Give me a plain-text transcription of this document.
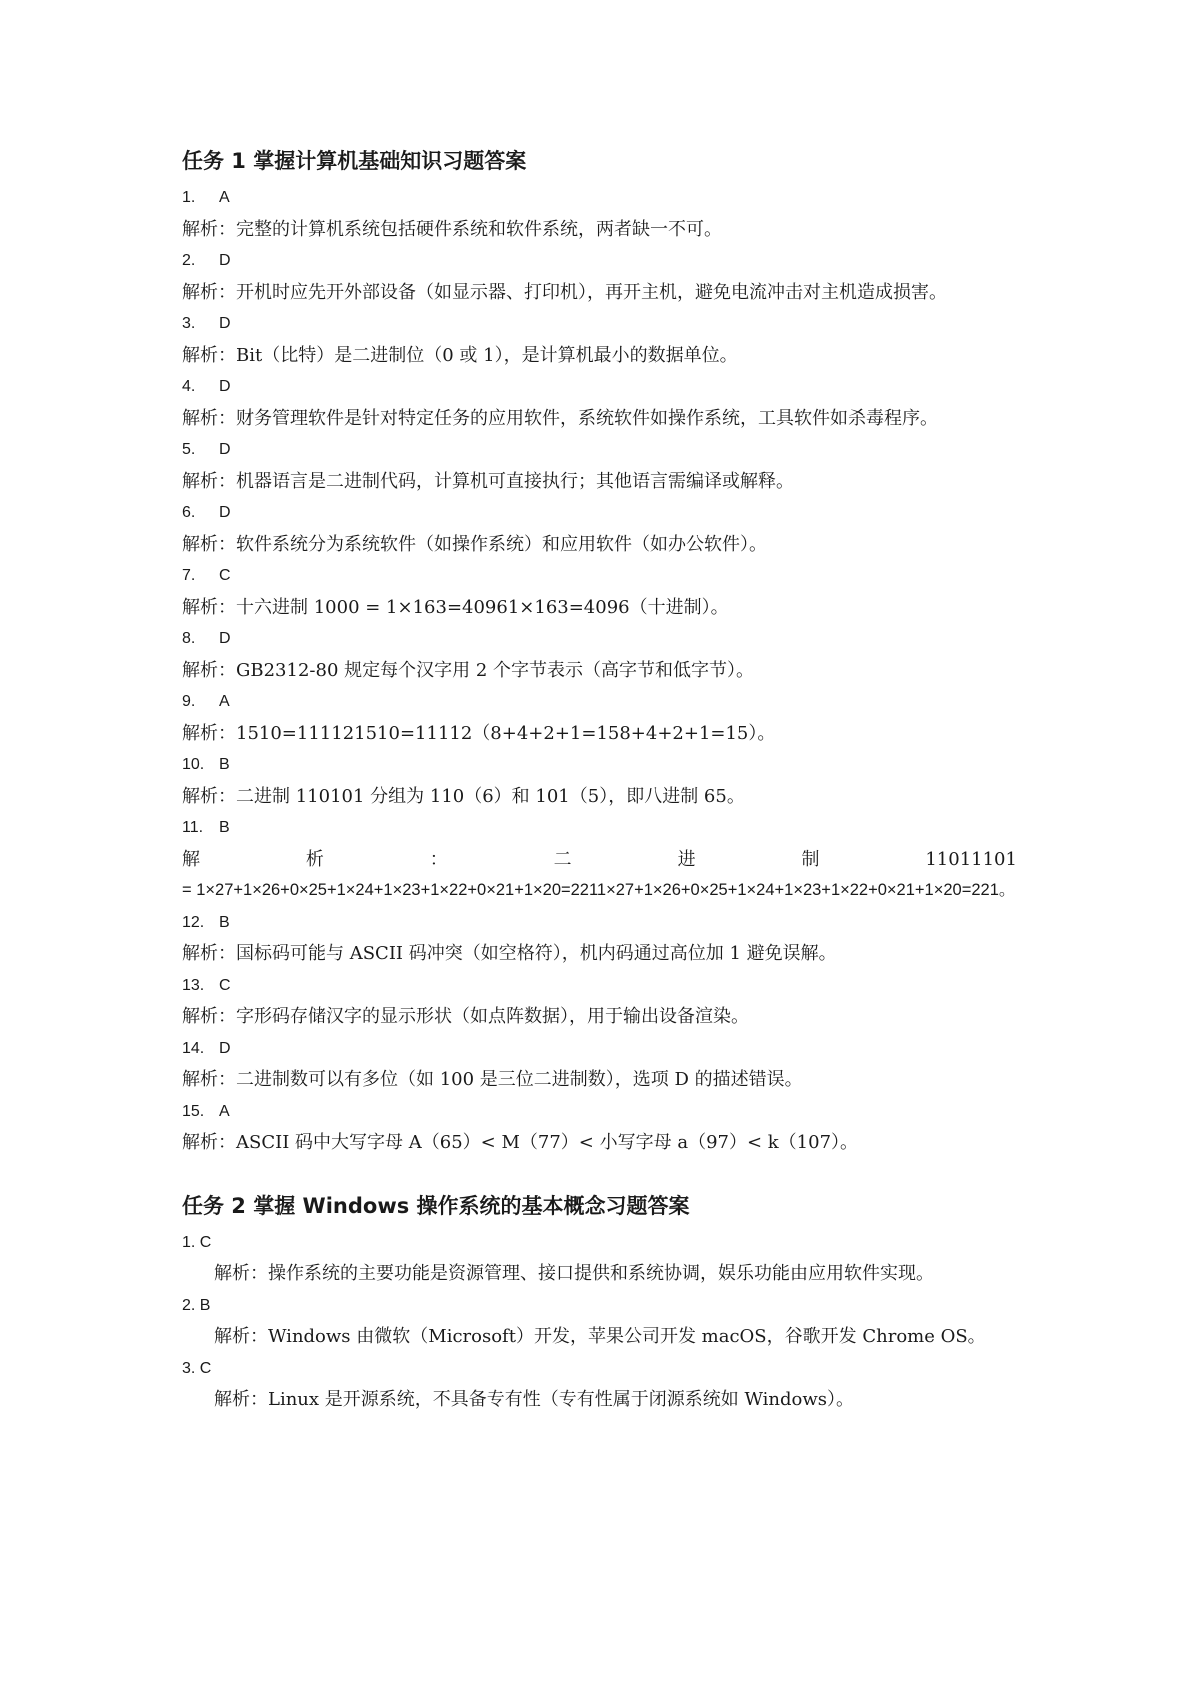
任务 1 掌握计算机基础知识习题答案
1. A
解析：完整的计算机系统包括硬件系统和软件系统，两者缺一不可。
2. D
解析：开机时应先开外部设备（如显示器、打印机），再开主机，避免电流冲击对主机造成损害。
3. D
解析：Bit（比特）是二进制位（0 或 1），是计算机最小的数据单位。
4. D
解析：财务管理软件是针对特定任务的应用软件，系统软件如操作系统，工具软件如杀毒程序。
5. D
解析：机器语言是二进制代码，计算机可直接执行；其他语言需编译或解释。
6. D
解析：软件系统分为系统软件（如操作系统）和应用软件（如办公软件）。
7. C
解析：十六进制 1000 = 1×163=40961×163=4096（十进制）。
8. D
解析：GB2312-80 规定每个汉字用 2 个字节表示（高字节和低字节）。
9. A
解析：1510=111121510=11112（8+4+2+1=158+4+2+1=15）。
10. B
解析：二进制 110101 分组为 110（6）和 101（5），即八进制 65。
11. B
解	析	：	二	进	制	11011101
= 1×27+1×26+0×25+1×24+1×23+1×22+0×21+1×20=2211×27+1×26+0×25+1×24+1×23+1×22+0×21+1×20=221。
12. B
解析：国标码可能与 ASCII 码冲突（如空格符），机内码通过高位加 1 避免误解。
13. C
解析：字形码存储汉字的显示形状（如点阵数据），用于输出设备渲染。
14. D
解析：二进制数可以有多位（如 100 是三位二进制数），选项 D 的描述错误。
15. A
解析：ASCII 码中大写字母 A（65）< M（77）< 小写字母 a（97）< k（107）。
任务 2 掌握 Windows 操作系统的基本概念习题答案
1. C
解析：操作系统的主要功能是资源管理、接口提供和系统协调，娱乐功能由应用软件实现。
2. B
解析：Windows 由微软（Microsoft）开发，苹果公司开发 macOS，谷歌开发 Chrome OS。
3. C
解析：Linux 是开源系统，不具备专有性（专有性属于闭源系统如 Windows）。
